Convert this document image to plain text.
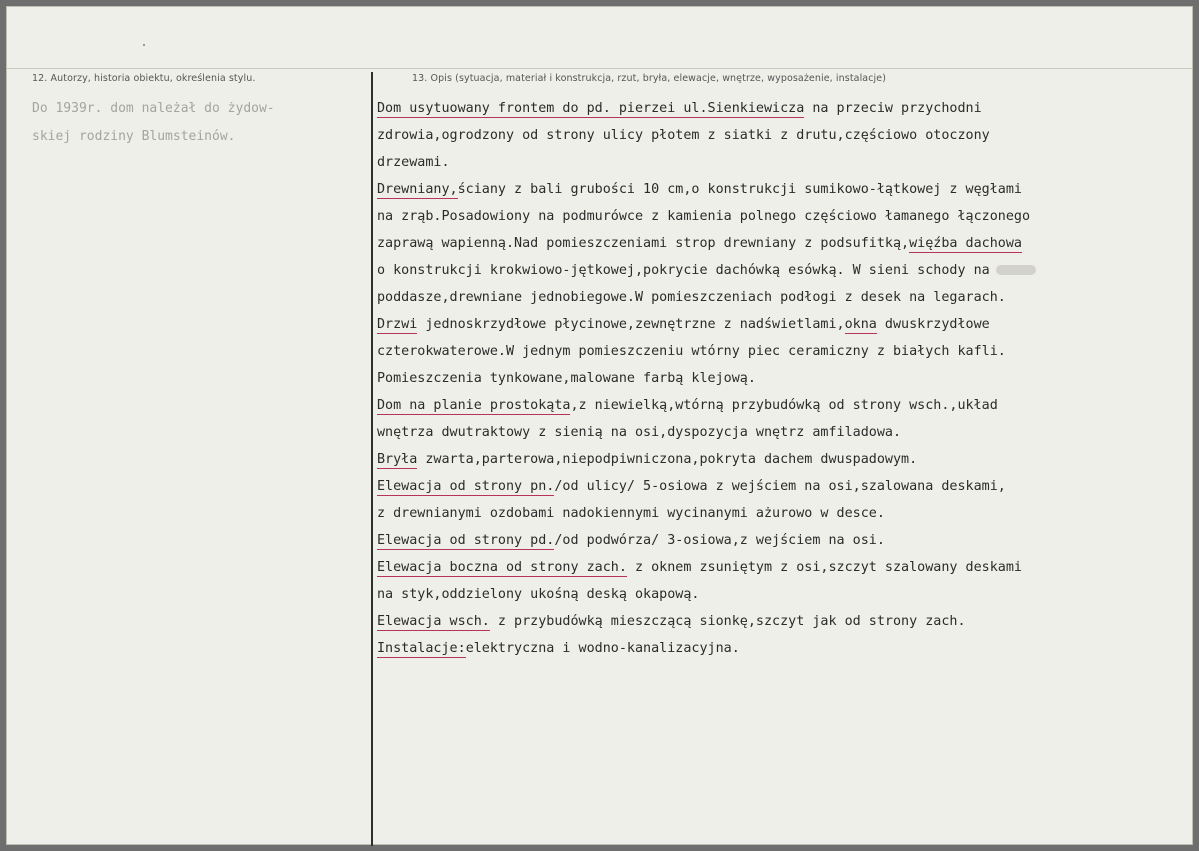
12. Autorzy, historia obiektu, określenia stylu.	13. Opis (sytuacja, materiał i konstrukcja, rzut, bryła, elewacje, wnętrze, wyposażenie, instalacje)
Do 1939r. dom należał do żydow-
skiej rodziny Blumsteinów.
Dom usytuowany frontem do pd. pierzei ul.Sienkiewicza na przeciw przychodni
zdrowia,ogrodzony od strony ulicy płotem z siatki z drutu,częściowo otoczony
drzewami.
Drewniany,ściany z bali grubości 10 cm,o konstrukcji sumikowo-łątkowej z węgłami
na zrąb.Posadowiony na podmurówce z kamienia polnego częściowo łamanego łączonego
zaprawą wapienną.Nad pomieszczeniami strop drewniany z podsufitką,więźba dachowa
o konstrukcji krokwiowo-jętkowej,pokrycie dachówką esówką. W sieni schody na
poddasze,drewniane jednobiegowe.W pomieszczeniach podłogi z desek na legarach.
Drzwi jednoskrzydłowe płycinowe,zewnętrzne z nadświetlami,okna dwuskrzydłowe
czterokwaterowe.W jednym pomieszczeniu wtórny piec ceramiczny z białych kafli.
Pomieszczenia tynkowane,malowane farbą klejową.
Dom na planie prostokąta,z niewielką,wtórną przybudówką od strony wsch.,układ
wnętrza dwutraktowy z sienią na osi,dyspozycja wnętrz amfiladowa.
Bryła zwarta,parterowa,niepodpiwniczona,pokryta dachem dwuspadowym.
Elewacja od strony pn./od ulicy/ 5-osiowa z wejściem na osi,szalowana deskami,
z drewnianymi ozdobami nadokiennymi wycinanymi ażurowo w desce.
Elewacja od strony pd./od podwórza/ 3-osiowa,z wejściem na osi.
Elewacja boczna od strony zach. z oknem zsuniętym z osi,szczyt szalowany deskami
na styk,oddzielony ukośną deską okapową.
Elewacja wsch. z przybudówką mieszczącą sionkę,szczyt jak od strony zach.
Instalacje:elektryczna i wodno-kanalizacyjna.
